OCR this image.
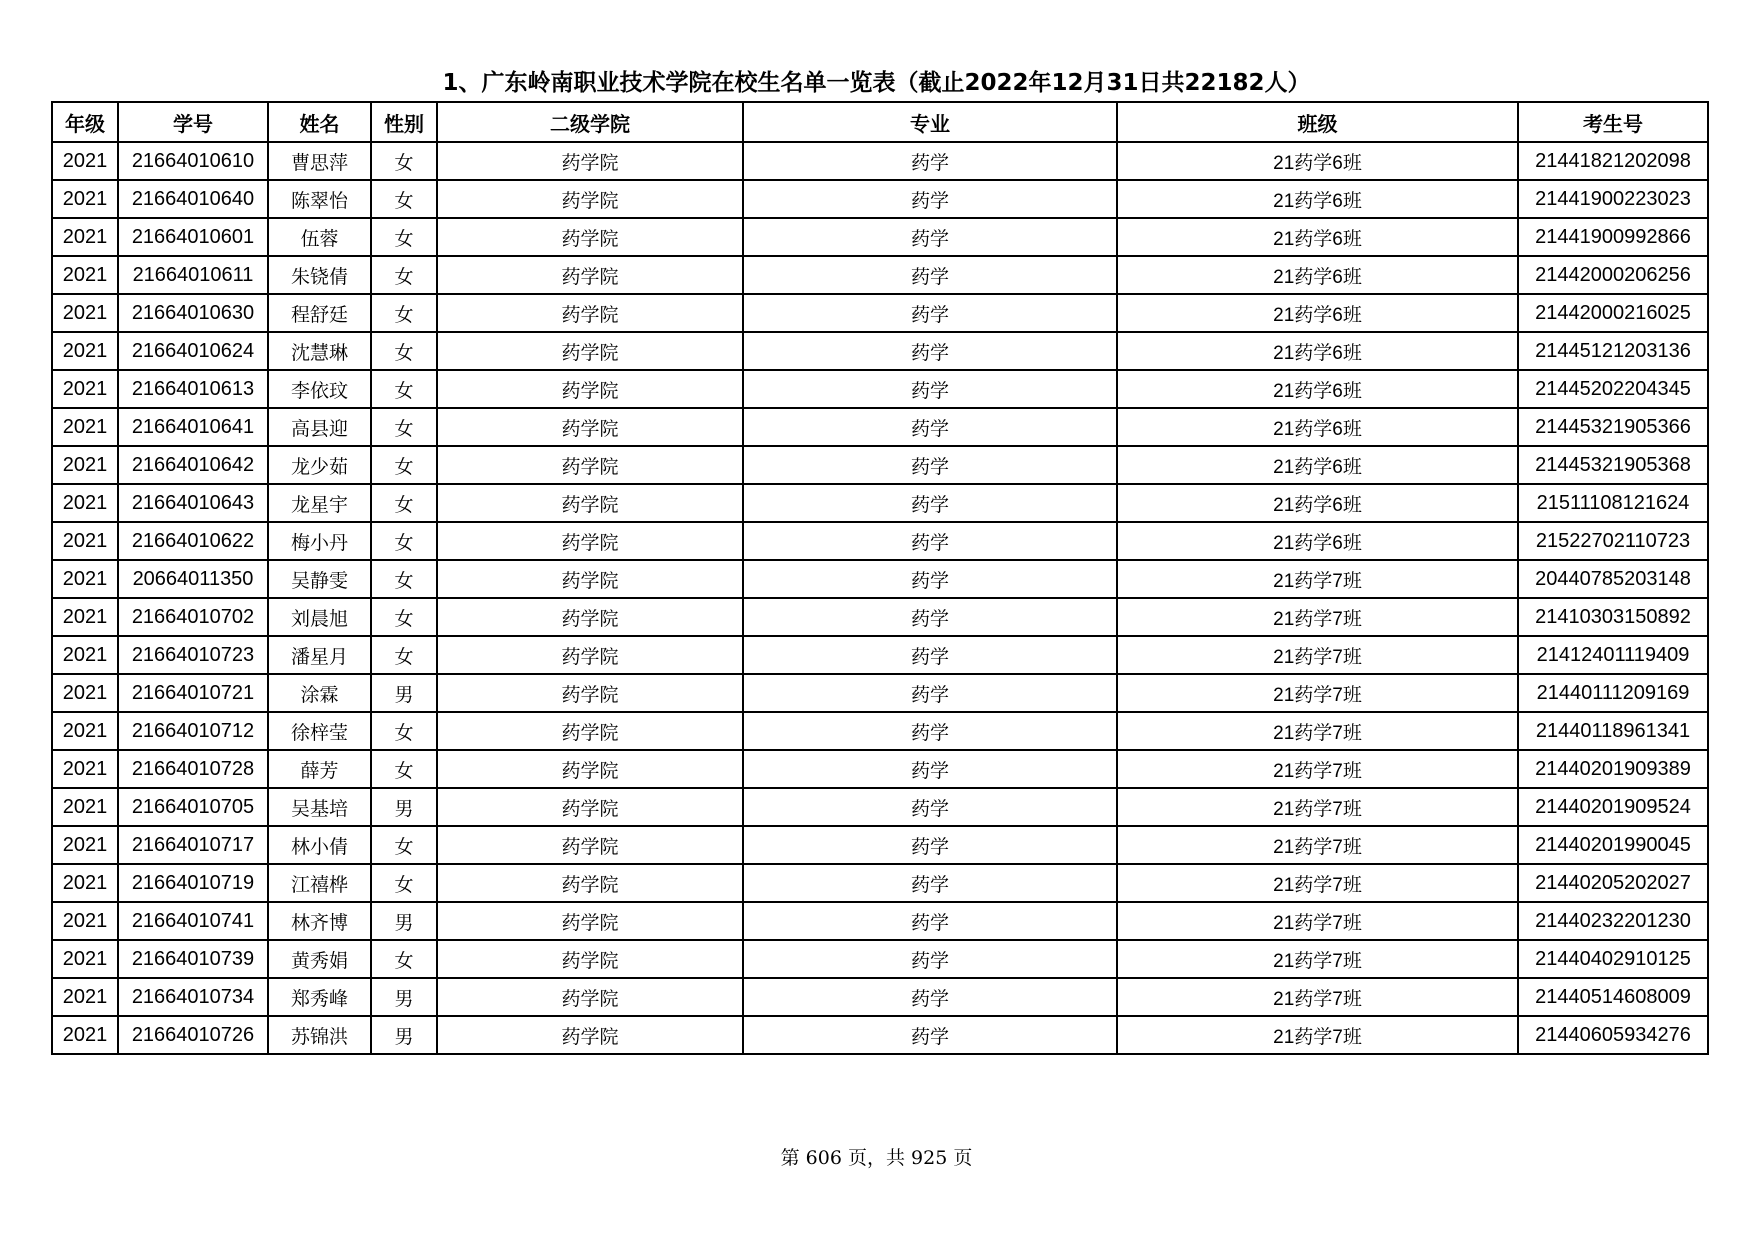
1、广东岭南职业技术学院在校生名单一览表（截止2022年12月31日共22182人）
年级	学号	姓名	性别	二级学院	专业	班级	考生号
2021	21664010610	曹思萍	女	药学院	药学	21药学6班	21441821202098
2021	21664010640	陈翠怡	女	药学院	药学	21药学6班	21441900223023
2021	21664010601	伍蓉	女	药学院	药学	21药学6班	21441900992866
2021	21664010611	朱铙倩	女	药学院	药学	21药学6班	21442000206256
2021	21664010630	程舒廷	女	药学院	药学	21药学6班	21442000216025
2021	21664010624	沈慧琳	女	药学院	药学	21药学6班	21445121203136
2021	21664010613	李依玟	女	药学院	药学	21药学6班	21445202204345
2021	21664010641	高县迎	女	药学院	药学	21药学6班	21445321905366
2021	21664010642	龙少茹	女	药学院	药学	21药学6班	21445321905368
2021	21664010643	龙星宇	女	药学院	药学	21药学6班	21511108121624
2021	21664010622	梅小丹	女	药学院	药学	21药学6班	21522702110723
2021	20664011350	吴静雯	女	药学院	药学	21药学7班	20440785203148
2021	21664010702	刘晨旭	女	药学院	药学	21药学7班	21410303150892
2021	21664010723	潘星月	女	药学院	药学	21药学7班	21412401119409
2021	21664010721	涂霖	男	药学院	药学	21药学7班	21440111209169
2021	21664010712	徐梓莹	女	药学院	药学	21药学7班	21440118961341
2021	21664010728	薛芳	女	药学院	药学	21药学7班	21440201909389
2021	21664010705	吴基培	男	药学院	药学	21药学7班	21440201909524
2021	21664010717	林小倩	女	药学院	药学	21药学7班	21440201990045
2021	21664010719	江禧桦	女	药学院	药学	21药学7班	21440205202027
2021	21664010741	林齐博	男	药学院	药学	21药学7班	21440232201230
2021	21664010739	黄秀娟	女	药学院	药学	21药学7班	21440402910125
2021	21664010734	郑秀峰	男	药学院	药学	21药学7班	21440514608009
2021	21664010726	苏锦洪	男	药学院	药学	21药学7班	21440605934276
第 606 页，共 925 页
